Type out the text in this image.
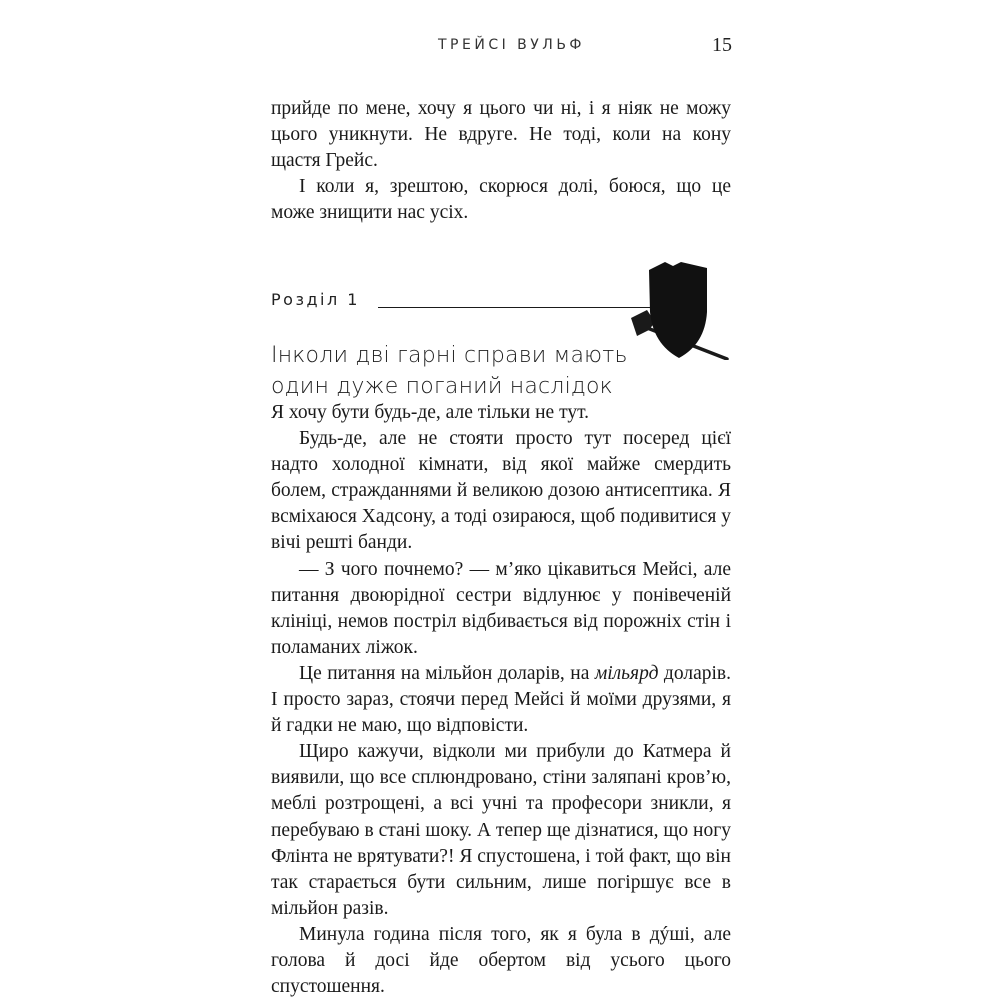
ТРЕЙСІ ВУЛЬФ	15

прийде по мене, хочу я цього чи ні, і я ніяк не можу цього уникнути. Не вдруге. Не тоді, коли на кону щастя Грейс.

І коли я, зрештою, скорюся долі, боюся, що це може знищити нас усіх.

Розділ 1
Інколи дві гарні справи мають
один дуже поганий наслідок

Я хочу бути будь-де, але тільки не тут.

Будь-де, але не стояти просто тут посеред цієї надто холодної кімнати, від якої майже смердить болем, стражданнями й великою дозою антисептика. Я всміхаюся Хадсону, а тоді озираюся, щоб подивитися у вічі решті банди.

— З чого почнемо? — м’яко цікавиться Мейсі, але питання двоюрідної сестри відлунює у понівеченій клініці, немов постріл відбивається від порожніх стін і поламаних ліжок.

Це питання на мільйон доларів, на мільярд доларів. І просто зараз, стоячи перед Мейсі й моїми друзями, я й гадки не маю, що відповісти.

Щиро кажучи, відколи ми прибули до Катмера й виявили, що все сплюндровано, стіни заляпані кров’ю, меблі розтрощені, а всі учні та професори зникли, я перебуваю в стані шоку. А тепер ще дізнатися, що ногу Флінта не врятувати?! Я спустошена, і той факт, що він так старається бути сильним, лише погіршує все в мільйон разів.

Минула година після того, як я була в дýші, але голова й досі йде обертом від усього цього спустошення.
